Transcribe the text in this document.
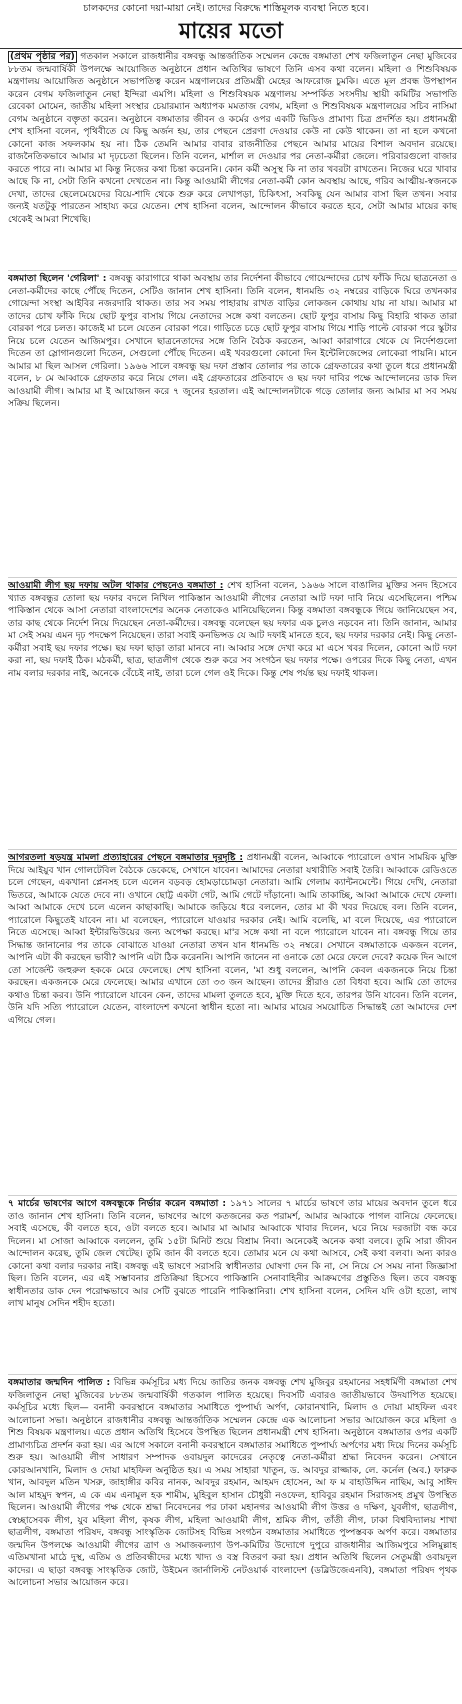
চালকদের কোনো দয়া-মায়া নেই। তাদের বিরুদ্ধে শাস্তিমূলক ব্যবস্থা নিতে হবে।
মায়ের মতো

(প্রথম পৃষ্ঠার পর) গতকাল সকালে রাজধানীর বঙ্গবন্ধু আন্তর্জাতিক সম্মেলন কেন্দ্রে বঙ্গমাতা শেখ ফজিলাতুন নেছা মুজিবের ৮৮তম জন্মবার্ষিকী উপলক্ষে আয়োজিত অনুষ্ঠানে প্রধান অতিথির ভাষণে তিনি এসব কথা বলেন। মহিলা ও শিশুবিষয়ক মন্ত্রণালয় আয়োজিত অনুষ্ঠানে সভাপতিত্ব করেন মন্ত্রণালয়ের প্রতিমন্ত্রী মেহের আফরোজ চুমকি। এতে মূল প্রবন্ধ উপস্থাপন করেন বেগম ফজিলাতুন নেছা ইন্দিরা এমপি। মহিলা ও শিশুবিষয়ক মন্ত্রণালয় সম্পর্কিত সংসদীয় স্থায়ী কমিটির সভাপতি রেবেকা মোমেন, জাতীয় মহিলা সংস্থার চেয়ারম্যান অধ্যাপক মমতাজ বেগম, মহিলা ও শিশুবিষয়ক মন্ত্রণালয়ের সচিব নাসিমা বেগম অনুষ্ঠানে বক্তৃতা করেন। অনুষ্ঠানে বঙ্গমাতার জীবন ও কর্মের ওপর একটি ভিডিও প্রামাণ্য চিত্র প্রদর্শিত হয়। প্রধানমন্ত্রী শেখ হাসিনা বলেন, পৃথিবীতে যে কিছু অর্জন হয়, তার পেছনে প্রেরণা দেওয়ার কেউ না কেউ থাকেন। তা না হলে কখনো কোনো কাজ সফলকাম হয় না। ঠিক তেমনি আমার বাবার রাজনীতির পেছনে আমার মায়ের বিশাল অবদান রয়েছে। রাজনৈতিকভাবে আমার মা দৃঢ়চেতা ছিলেন। তিনি বলেন, মার্শাল ল দেওয়ার পর নেতা-কর্মীরা জেলে। পরিবারগুলো বাজার করতে পারে না। আমার মা কিন্তু নিজের কথা চিন্তা করেননি। কোন কর্মী অসুস্থ কি না তার খবরটা রাখতেন। নিজের ঘরে খাবার আছে কি না, সেটা তিনি কখনো দেখতেন না। কিন্তু আওয়ামী লীগের নেতা-কর্মী কোন অবস্থায় আছে, গরিব আত্মীয়-স্বজনকে দেখা, তাদের ছেলেমেয়েদের বিয়ে-শাদি থেকে শুরু করে লেখাপড়া, চিকিৎসা, সবকিছু যেন আমার বাসা ছিল তখন। সবার জন্যই যতটুকু পারতেন সাহায্য করে যেতেন। শেখ হাসিনা বলেন, আন্দোলন কীভাবে করতে হবে, সেটা আমার মায়ের কাছ থেকেই আমরা শিখেছি।

বঙ্গমাতা ছিলেন 'গেরিলা' : বঙ্গবন্ধু কারাগারে থাকা অবস্থায় তার নির্দেশনা কীভাবে গোয়েন্দাদের চোখ ফাঁকি দিয়ে ছাত্রনেতা ও নেতা-কর্মীদের কাছে পৌঁছে দিতেন, সেটিও জানান শেখ হাসিনা। তিনি বলেন, ধানমন্ডি ৩২ নম্বরের বাড়িকে ঘিরে তখনকার গোয়েন্দা সংস্থা আইবির নজরদারি থাকত। তার সব সময় পাহারায় রাখত বাড়ির লোকজন কোথায় যায় না যায়। আমার মা তাদের চোখ ফাঁকি দিয়ে ছোট ফুপুর বাসায় গিয়ে নেতাদের সঙ্গে কথা বলতেন। ছোট ফুপুর বাসায় কিছু বিহারি থাকত তারা বোরকা পরে চলত। কাজেই মা চলে যেতেন বোরকা পরে। গাড়িতে চড়ে ছোট ফুপুর বাসায় গিয়ে শাড়ি পাল্টে বোরকা পরে স্কুটার নিয়ে চলে যেতেন আজিমপুর। সেখানে ছাত্রনেতাদের সঙ্গে তিনি বৈঠক করতেন, আব্বা কারাগারে থেকে যে নির্দেশগুলো দিতেন তা স্লোগানগুলো দিতেন, সেগুলো পৌঁছে দিতেন। এই খবরগুলো কোনো দিন ইন্টেলিজেন্সের লোকেরা পায়নি। মানে আমার মা ছিল আসল গেরিলা। ১৯৬৬ সালে বঙ্গবন্ধু ছয় দফা প্রস্তাব তোলার পর তাকে গ্রেফতারের কথা তুলে ধরে প্রধানমন্ত্রী বলেন, ৮ মে আব্বাকে গ্রেফতার করে নিয়ে গেল। এই গ্রেফতারের প্রতিবাদে ও ছয় দফা দাবির পক্ষে আন্দোলনের ডাক দিল আওয়ামী লীগ। আমার মা ই আয়োজন করে ৭ জুনের হরতাল। এই আন্দোলনটাকে গড়ে তোলার জন্য আমার মা সব সময় সক্রিয় ছিলেন।

আওয়ামী লীগ ছয় দফায় অটল থাকার পেছনেও বঙ্গমাতা : শেখ হাসিনা বলেন, ১৯৬৬ সালে বাঙালির মুক্তির সনদ হিসেবে খ্যাত বঙ্গবন্ধুর তোলা ছয় দফার বদলে নিখিল পাকিস্তান আওয়ামী লীগের নেতারা আট দফা দাবি নিয়ে এসেছিলেন। পশ্চিম পাকিস্তান থেকে আসা নেতারা বাংলাদেশের অনেক নেতাকেও মানিয়েছিলেন। কিন্তু বঙ্গমাতা বঙ্গবন্ধুকে গিয়ে জানিয়েছেন সব, তার কাছ থেকে নির্দেশ নিয়ে দিয়েছেন নেতা-কর্মীদের। বঙ্গবন্ধু বলেছেন ছয় দফার এক চুলও নড়বেন না। তিনি জানান, আমার মা সেই সময় এমন দৃঢ় পদক্ষেপ নিয়েছেন। তারা সবাই কনভিন্সড যে আট দফাই মানতে হবে, ছয় দফার দরকার নেই। কিছু নেতা-কর্মীরা সবাই ছয় দফার পক্ষে। ছয় দফা ছাড়া তারা মানবে না। আব্বার সঙ্গে দেখা করে মা এসে খবর দিলেন, কোনো আট দফা করা না, ছয় দফাই ঠিক। মঠকর্মী, ছাত্র, ছাত্রলীগ থেকে শুরু করে সব সংগঠন ছয় দফার পক্ষে। ওপরের দিকে কিছু নেতা, এখন নাম বলার দরকার নাই, অনেকে বেঁচেই নাই, তারা চলে গেল ওই দিকে। কিন্তু শেষ পর্যন্ত ছয় দফাই থাকল।

আগরতলা ষড়যন্ত্র মামলা প্রত্যাহারের পেছনে বঙ্গমাতার দূরদৃষ্টি : প্রধানমন্ত্রী বলেন, আব্বাকে প্যারোলে ওখান সাময়িক মুক্তি দিয়ে আইয়ুব খান গোলটেবিল বৈঠকে ডেকেছে, সেখানে যাবেন। আমাদের নেতারা যথারীতি সবাই তৈরি। আব্বাকে রেডিওতে চলে গেছেন, একখানা প্লেনসহ চলে এলেন বড়বড় হোমড়াচোমড়া নেতারা। আমি গেলাম ক্যান্টনমেন্টে। গিয়ে দেখি, নেতারা ভিতরে, আমাকে যেতে দেবে না। ওখানে ছোট্ট একটা গেট, আমি গেটে দাঁড়ানো। আমি তাকাচ্ছি, আব্বা আমাকে দেখে ফেলা। আব্বা আমাকে দেখে চলে এলেন কাছাকাছি। আমাকে জড়িয়ে ধরে বললেন, তোর মা কী খবর দিয়েছে বল। তিনি বলেন, প্যারোলে কিছুতেই যাবেন না। মা বলেছেন, প্যারোলে যাওয়ার দরকার নেই। আমি বলেছি, মা বলে দিয়েছে, এর প্যারোলে নিতে এসেছে। আব্বা ইন্টারভিউয়ের জন্য অপেক্ষা করছে। মা'র সঙ্গে কথা না বলে প্যারোলে যাবেন না। বঙ্গবন্ধু গিয়ে তার সিদ্ধান্ত জানানোর পর তাকে বোঝাতে যাওয়া নেতারা তখন যান ধানমন্ডি ৩২ নম্বরে। সেখানে বঙ্গমাতাকে একজন বলেন, আপনি এটা কী করছেন ভাবী? আপনি এটা ঠিক করেননি। আপনি জানেন না ওনাকে তো মেরে ফেলে দেবে? কয়েক দিন আগে তো সার্জেন্ট জহুরুল হককে মেরে ফেলেছে। শেখ হাসিনা বলেন, 'মা শুধু বললেন, আপনি কেবল একজনকে নিয়ে চিন্তা করছেন। একজনকে মেরে ফেলেছে। আমার এখানে তো ৩৩ জন আছেন। তাদের স্ত্রীরাও তো বিধবা হবে। আমি তো তাদের কথাও চিন্তা করব। উনি প্যারোলে যাবেন কেন, তাদের মামলা তুলতে হবে, মুক্তি দিতে হবে, তারপর উনি যাবেন। তিনি বলেন, উনি যদি সত্যি প্যারোলে যেতেন, বাংলাদেশ কখনো স্বাধীন হতো না। আমার মায়ের সময়োচিত সিদ্ধান্তই তো আমাদের দেশ এগিয়ে গেল।

৭ মার্চের ভাষণের আগে বঙ্গবন্ধুকে নির্ভার করেন বঙ্গমাতা : ১৯৭১ সালের ৭ মার্চের ভাষণে তার মায়ের অবদান তুলে ধরে তাও জানান শেখ হাসিনা। তিনি বলেন, ভাষণের আগে কতজনের কত পরামর্শ, আমার আব্বাকে পাগল বানিয়ে ফেলেছে। সবাই এসেছে, কী বলতে হবে, ওটা বলতে হবে। আমার মা আমার আব্বাকে খাবার দিলেন, ঘরে নিয়ে দরজাটা বন্ধ করে দিলেন। মা সোজা আব্বাকে বললেন, তুমি ১৫টা মিনিট শুয়ে বিশ্রাম নিবা। অনেকেই অনেক কথা বলবে। তুমি সারা জীবন আন্দোলন করেছ, তুমি জেল খেটেছ। তুমি জান কী বলতে হবে। তোমার মনে যে কথা আসবে, সেই কথা বলবা। অন্য কারও কোনো কথা বলার দরকার নাই। বঙ্গবন্ধু এই ভাষণে সরাসরি স্বাধীনতার ঘোষণা দেন কি না, সে নিয়ে সে সময় নানা জিজ্ঞাসা ছিল। তিনি বলেন, এর এই সম্ভাবনার প্রতিক্রিয়া হিসেবে পাকিস্তানি সেনাবাহিনীর আক্রমণের প্রস্তুতিও ছিল। তবে বঙ্গবন্ধু স্বাধীনতার ডাক দেন পরোক্ষভাবে আর সেটি বুঝতে পারেনি পাকিস্তানিরা। শেখ হাসিনা বলেন, সেদিন যদি ওটা হতো, লাখ লাখ মানুষ সেদিন শহীদ হতো।

বঙ্গমাতার জন্মদিন পালিত : বিভিন্ন কর্মসূচির মধ্য দিয়ে জাতির জনক বঙ্গবন্ধু শেখ মুজিবুর রহমানের সহধর্মিণী বঙ্গমাতা শেখ ফজিলাতুন নেছা মুজিবের ৮৮তম জন্মবার্ষিকী গতকাল পালিত হয়েছে। দিবসটি এবারও জাতীয়ভাবে উদযাপিত হয়েছে। কর্মসূচির মধ্যে ছিল— বনানী কবরস্থানে বঙ্গমাতার সমাধিতে পুষ্পার্ঘ্য অর্পণ, কোরানখানি, মিলাদ ও দোয়া মাহফিল এবং আলোচনা সভা। অনুষ্ঠানে রাজধানীর বঙ্গবন্ধু আন্তর্জাতিক সম্মেলন কেন্দ্রে এক আলোচনা সভার আয়োজন করে মহিলা ও শিশু বিষয়ক মন্ত্রণালয়। এতে প্রধান অতিথি হিসেবে উপস্থিত ছিলেন প্রধানমন্ত্রী শেখ হাসিনা। অনুষ্ঠানে বঙ্গমাতার ওপর একটি প্রামাণ্যচিত্র প্রদর্শন করা হয়। এর আগে সকালে বনানী কবরস্থানে বঙ্গমাতার সমাধিতে পুষ্পার্ঘ্য অর্পণের মধ্য দিয়ে দিনের কর্মসূচি শুরু হয়। আওয়ামী লীগ সাধারণ সম্পাদক ওবায়দুল কাদেরের নেতৃত্বে নেতা-কর্মীরা শ্রদ্ধা নিবেদন করেন। সেখানে কোরআনখানি, মিলাদ ও দোয়া মাহফিল অনুষ্ঠিত হয়। এ সময় সাহারা খাতুন, ড. আবদুর রাজ্জাক, লে. কর্নেল (অব.) ফারুক খান, আবদুল মতিন খসরু, জাহাঙ্গীর কবির নানক, আবদুর রহমান, আহমদ হোসেন, আ ফ ম বাহাউদ্দিন নাছিম, আবু সাঈদ আল মাহমুদ স্বপন, এ কে এম এনামুল হক শামীম, মুহিবুল হাসান চৌধুরী নওফেল, হাবিবুর রহমান সিরাজসহ প্রমুখ উপস্থিত ছিলেন। আওয়ামী লীগের পক্ষ থেকে শ্রদ্ধা নিবেদনের পর ঢাকা মহানগর আওয়ামী লীগ উত্তর ও দক্ষিণ, যুবলীগ, ছাত্রলীগ, স্বেচ্ছাসেবক লীগ, যুব মহিলা লীগ, কৃষক লীগ, মহিলা আওয়ামী লীগ, শ্রমিক লীগ, তাঁতী লীগ, ঢাকা বিশ্ববিদ্যালয় শাখা ছাত্রলীগ, বঙ্গমাতা পরিষদ, বঙ্গবন্ধু সাংস্কৃতিক জোটসহ বিভিন্ন সংগঠন বঙ্গমাতার সমাধিতে পুষ্পস্তবক অর্পণ করে। বঙ্গমাতার জন্মদিন উপলক্ষে আওয়ামী লীগের ত্রাণ ও সমাজকল্যাণ উপ-কমিটির উদ্যোগে দুপুরে রাজধানীর আজিমপুরে সলিমুল্লাহ এতিমখানা মাঠে দুস্থ, এতিম ও প্রতিবন্ধীদের মধ্যে খাদ্য ও বস্ত্র বিতরণ করা হয়। প্রধান অতিথি ছিলেন সেতুমন্ত্রী ওবায়দুল কাদের। এ ছাড়া বঙ্গবন্ধু সাংস্কৃতিক জোট, উইমেন জার্নালিস্ট নেটওয়ার্ক বাংলাদেশ (ডব্লিউজেএনবি), বঙ্গমাতা পরিষদ পৃথক আলোচনা সভার আয়োজন করে।
